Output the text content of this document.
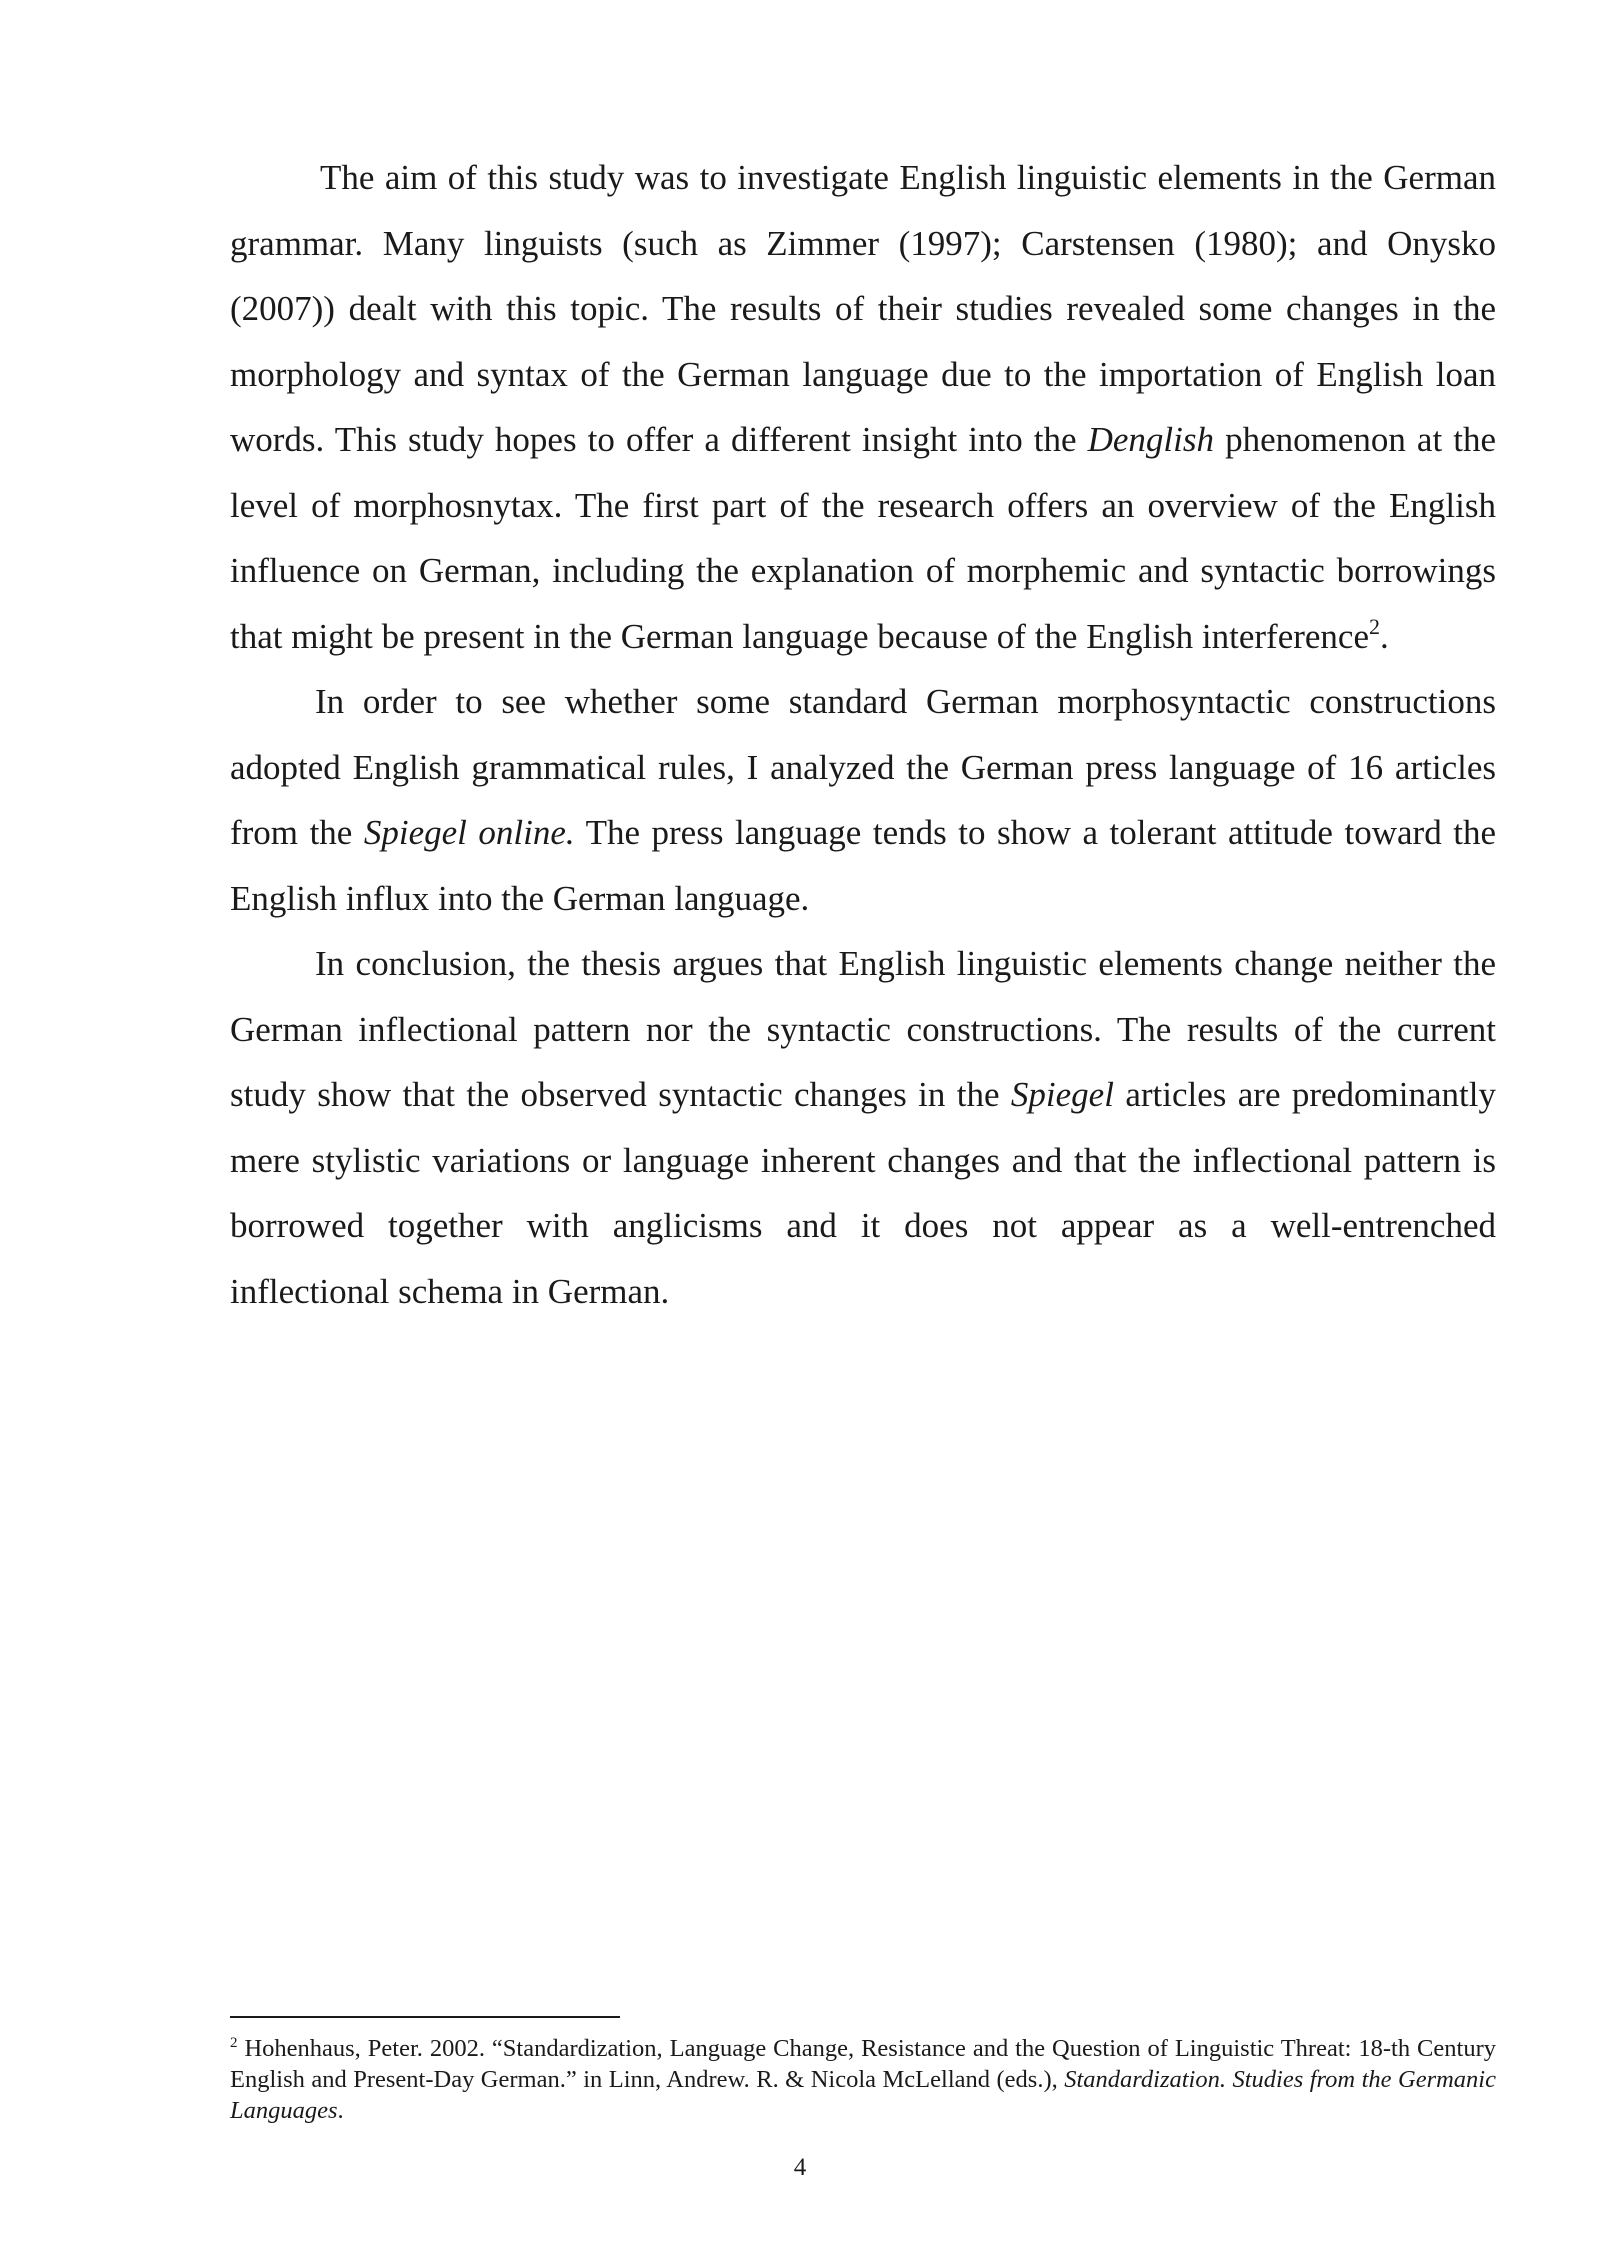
The aim of this study was to investigate English linguistic elements in the German grammar. Many linguists (such as Zimmer (1997); Carstensen (1980); and Onysko (2007)) dealt with this topic. The results of their studies revealed some changes in the morphology and syntax of the German language due to the importation of English loan words. This study hopes to offer a different insight into the Denglish phenomenon at the level of morphosnytax. The first part of the research offers an overview of the English influence on German, including the explanation of morphemic and syntactic borrowings that might be present in the German language because of the English interference$^2$.

In order to see whether some standard German morphosyntactic constructions adopted English grammatical rules, I analyzed the German press language of 16 articles from the Spiegel online. The press language tends to show a tolerant attitude toward the English influx into the German language.

In conclusion, the thesis argues that English linguistic elements change neither the German inflectional pattern nor the syntactic constructions. The results of the current study show that the observed syntactic changes in the Spiegel articles are predominantly mere stylistic variations or language inherent changes and that the inflectional pattern is borrowed together with anglicisms and it does not appear as a well-entrenched inflectional schema in German.

$^2$ Hohenhaus, Peter. 2002. “Standardization, Language Change, Resistance and the Question of Linguistic Threat: 18-th Century English and Present-Day German.” in Linn, Andrew. R. & Nicola McLelland (eds.), Standardization. Studies from the Germanic Languages.

4
